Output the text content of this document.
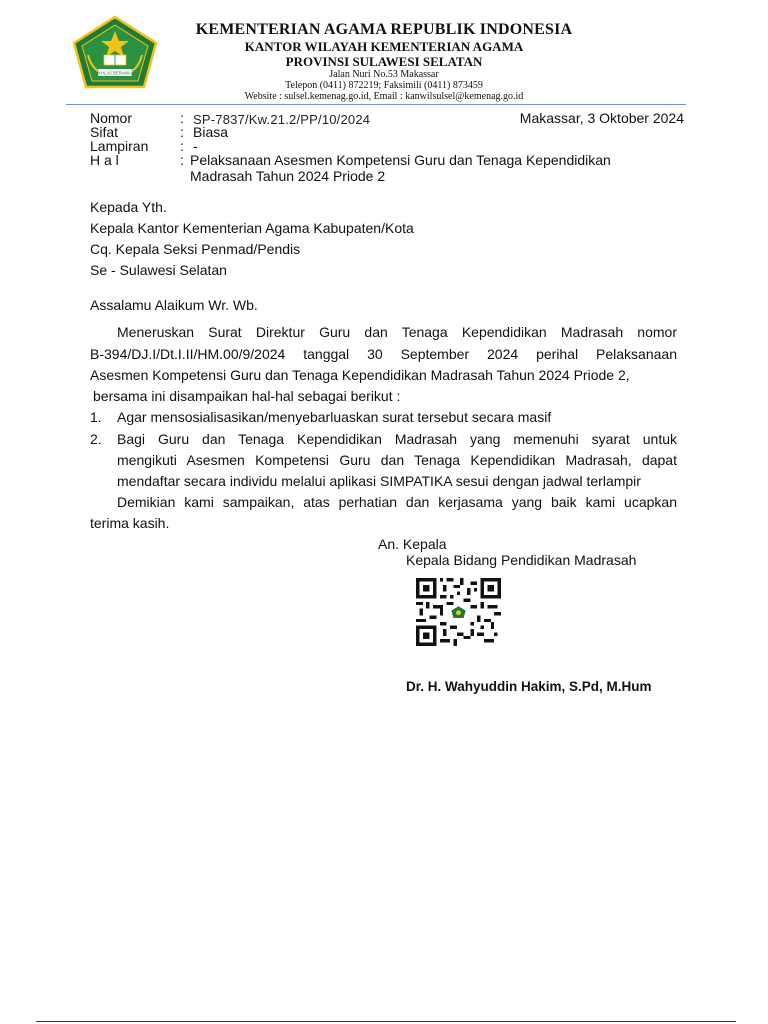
IKHLAS BERAMAL
KEMENTERIAN AGAMA REPUBLIK INDONESIA
KANTOR WILAYAH KEMENTERIAN AGAMA
PROVINSI SULAWESI SELATAN
Jalan Nuri No.53 Makassar
Telepon (0411) 872219; Faksimili (0411) 873459
Website : sulsel.kemenag.go.id, Email : kanwilsulsel@kemenag.go.id
Nomor	: SP-7837/Kw.21.2/PP/10/2024	Makassar, 3 Oktober 2024
Sifat	: Biasa
Lampiran : -
H a l	: Pelaksanaan Asesmen Kompetensi Guru dan Tenaga Kependidikan
Madrasah Tahun 2024 Priode 2
Kepada Yth.
Kepala Kantor Kementerian Agama Kabupaten/Kota
Cq. Kepala Seksi Penmad/Pendis
Se - Sulawesi Selatan
Assalamu Alaikum Wr. Wb.
Meneruskan Surat Direktur Guru dan Tenaga Kependidikan Madrasah nomor
B-394/DJ.I/Dt.I.II/HM.00/9/2024 tanggal 30 September 2024 perihal Pelaksanaan
Asesmen Kompetensi Guru dan Tenaga Kependidikan Madrasah Tahun 2024 Priode 2,
bersama ini disampaikan hal-hal sebagai berikut :
1. Agar mensosialisasikan/menyebarluaskan surat tersebut secara masif
2. Bagi Guru dan Tenaga Kependidikan Madrasah yang memenuhi syarat untuk
mengikuti Asesmen Kompetensi Guru dan Tenaga Kependidikan Madrasah, dapat
mendaftar secara individu melalui aplikasi SIMPATIKA sesui dengan jadwal terlampir
Demikian kami sampaikan, atas perhatian dan kerjasama yang baik kami ucapkan
terima kasih.
An. Kepala
Kepala Bidang Pendidikan Madrasah
Dr. H. Wahyuddin Hakim, S.Pd, M.Hum
